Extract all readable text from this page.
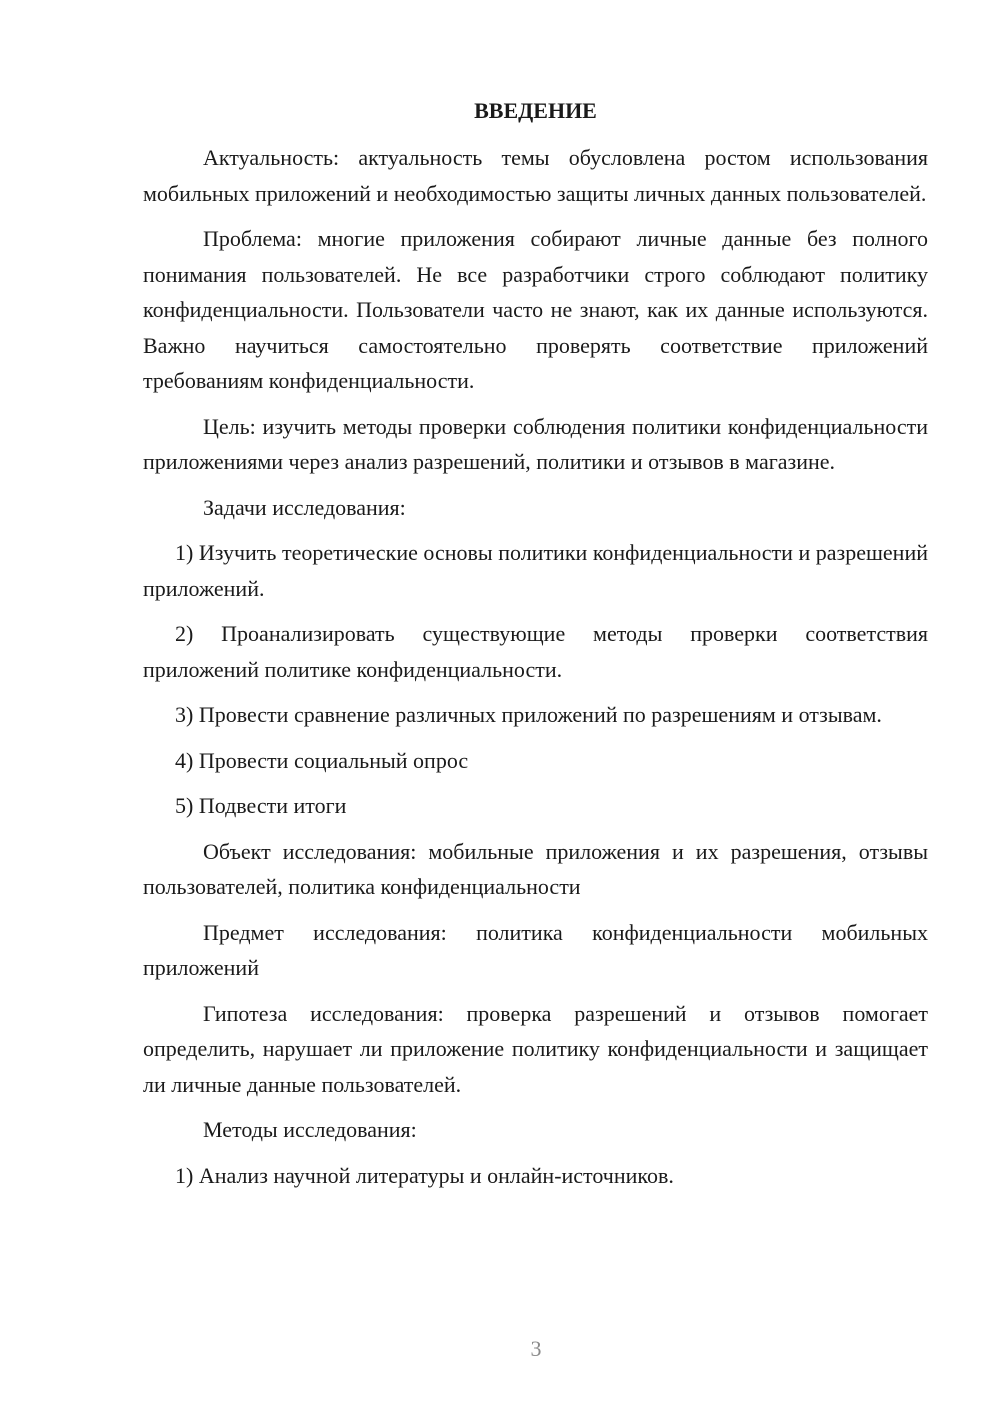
ВВЕДЕНИЕ

Актуальность: актуальность темы обусловлена ростом использования мобильных приложений и необходимостью защиты личных данных пользователей.

Проблема: многие приложения собирают личные данные без полного понимания пользователей. Не все разработчики строго соблюдают политику конфиденциальности. Пользователи часто не знают, как их данные используются. Важно научиться самостоятельно проверять соответствие приложений требованиям конфиденциальности.

Цель: изучить методы проверки соблюдения политики конфиденциальности приложениями через анализ разрешений, политики и отзывов в магазине.

Задачи исследования:

1) Изучить теоретические основы политики конфиденциальности и разрешений приложений.

2) Проанализировать существующие методы проверки соответствия приложений политике конфиденциальности.

3) Провести сравнение различных приложений по разрешениям и отзывам.

4) Провести социальный опрос

5) Подвести итоги

Объект исследования: мобильные приложения и их разрешения, отзывы пользователей, политика конфиденциальности

Предмет исследования: политика конфиденциальности мобильных приложений

Гипотеза исследования: проверка разрешений и отзывов помогает определить, нарушает ли приложение политику конфиденциальности и защищает ли личные данные пользователей.

Методы исследования:

1) Анализ научной литературы и онлайн-источников.

3
